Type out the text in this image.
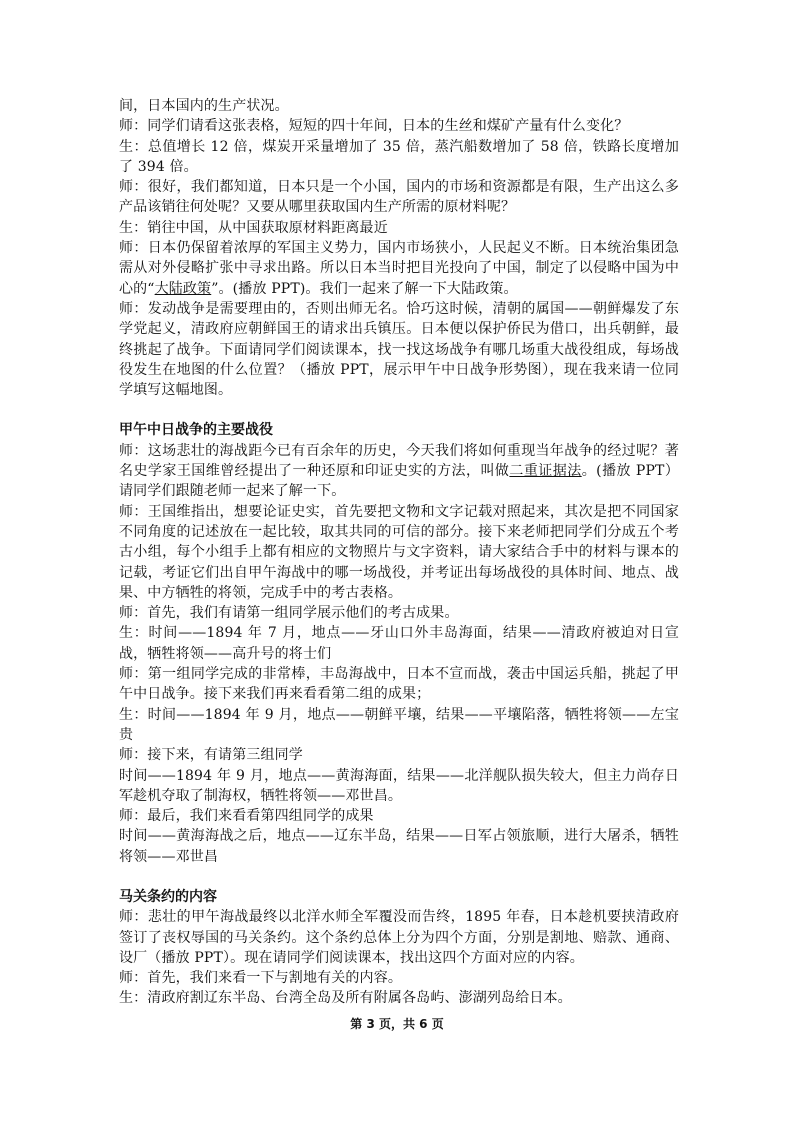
间，日本国内的生产状况。

师：同学们请看这张表格，短短的四十年间，日本的生丝和煤矿产量有什么变化？

生：总值增长 12 倍，煤炭开采量增加了 35 倍，蒸汽船数增加了 58 倍，铁路长度增加了 394 倍。

师：很好，我们都知道，日本只是一个小国，国内的市场和资源都是有限，生产出这么多产品该销往何处呢？又要从哪里获取国内生产所需的原材料呢？

生：销往中国，从中国获取原材料距离最近

师：日本仍保留着浓厚的军国主义势力，国内市场狭小，人民起义不断。日本统治集团急需从对外侵略扩张中寻求出路。所以日本当时把目光投向了中国，制定了以侵略中国为中心的“大陆政策”。(播放 PPT)。我们一起来了解一下大陆政策。

师：发动战争是需要理由的，否则出师无名。恰巧这时候，清朝的属国——朝鲜爆发了东学党起义，清政府应朝鲜国王的请求出兵镇压。日本便以保护侨民为借口，出兵朝鲜，最终挑起了战争。下面请同学们阅读课本，找一找这场战争有哪几场重大战役组成，每场战役发生在地图的什么位置？（播放 PPT，展示甲午中日战争形势图），现在我来请一位同学填写这幅地图。

甲午中日战争的主要战役

师：这场悲壮的海战距今已有百余年的历史，今天我们将如何重现当年战争的经过呢？著名史学家王国维曾经提出了一种还原和印证史实的方法，叫做二重证据法。(播放 PPT）请同学们跟随老师一起来了解一下。

师：王国维指出，想要论证史实，首先要把文物和文字记载对照起来，其次是把不同国家不同角度的记述放在一起比较，取其共同的可信的部分。接下来老师把同学们分成五个考古小组，每个小组手上都有相应的文物照片与文字资料，请大家结合手中的材料与课本的记载，考证它们出自甲午海战中的哪一场战役，并考证出每场战役的具体时间、地点、战果、中方牺牲的将领，完成手中的考古表格。

师：首先，我们有请第一组同学展示他们的考古成果。

生：时间——1894 年 7 月，地点——牙山口外丰岛海面，结果——清政府被迫对日宣战，牺牲将领——高升号的将士们

师：第一组同学完成的非常棒，丰岛海战中，日本不宣而战，袭击中国运兵船，挑起了甲午中日战争。接下来我们再来看看第二组的成果；

生：时间——1894 年 9 月，地点——朝鲜平壤，结果——平壤陷落，牺牲将领——左宝贵

师：接下来，有请第三组同学

时间——1894 年 9 月，地点——黄海海面，结果——北洋舰队损失较大，但主力尚存日军趁机夺取了制海权，牺牲将领——邓世昌。

师：最后，我们来看看第四组同学的成果

时间——黄海海战之后，地点——辽东半岛，结果——日军占领旅顺，进行大屠杀，牺牲将领——邓世昌

马关条约的内容

师：悲壮的甲午海战最终以北洋水师全军覆没而告终，1895 年春，日本趁机要挟清政府签订了丧权辱国的马关条约。这个条约总体上分为四个方面，分别是割地、赔款、通商、设厂（播放 PPT）。现在请同学们阅读课本，找出这四个方面对应的内容。

师：首先，我们来看一下与割地有关的内容。

生：清政府割辽东半岛、台湾全岛及所有附属各岛屿、澎湖列岛给日本。

第 3 页，共 6 页
